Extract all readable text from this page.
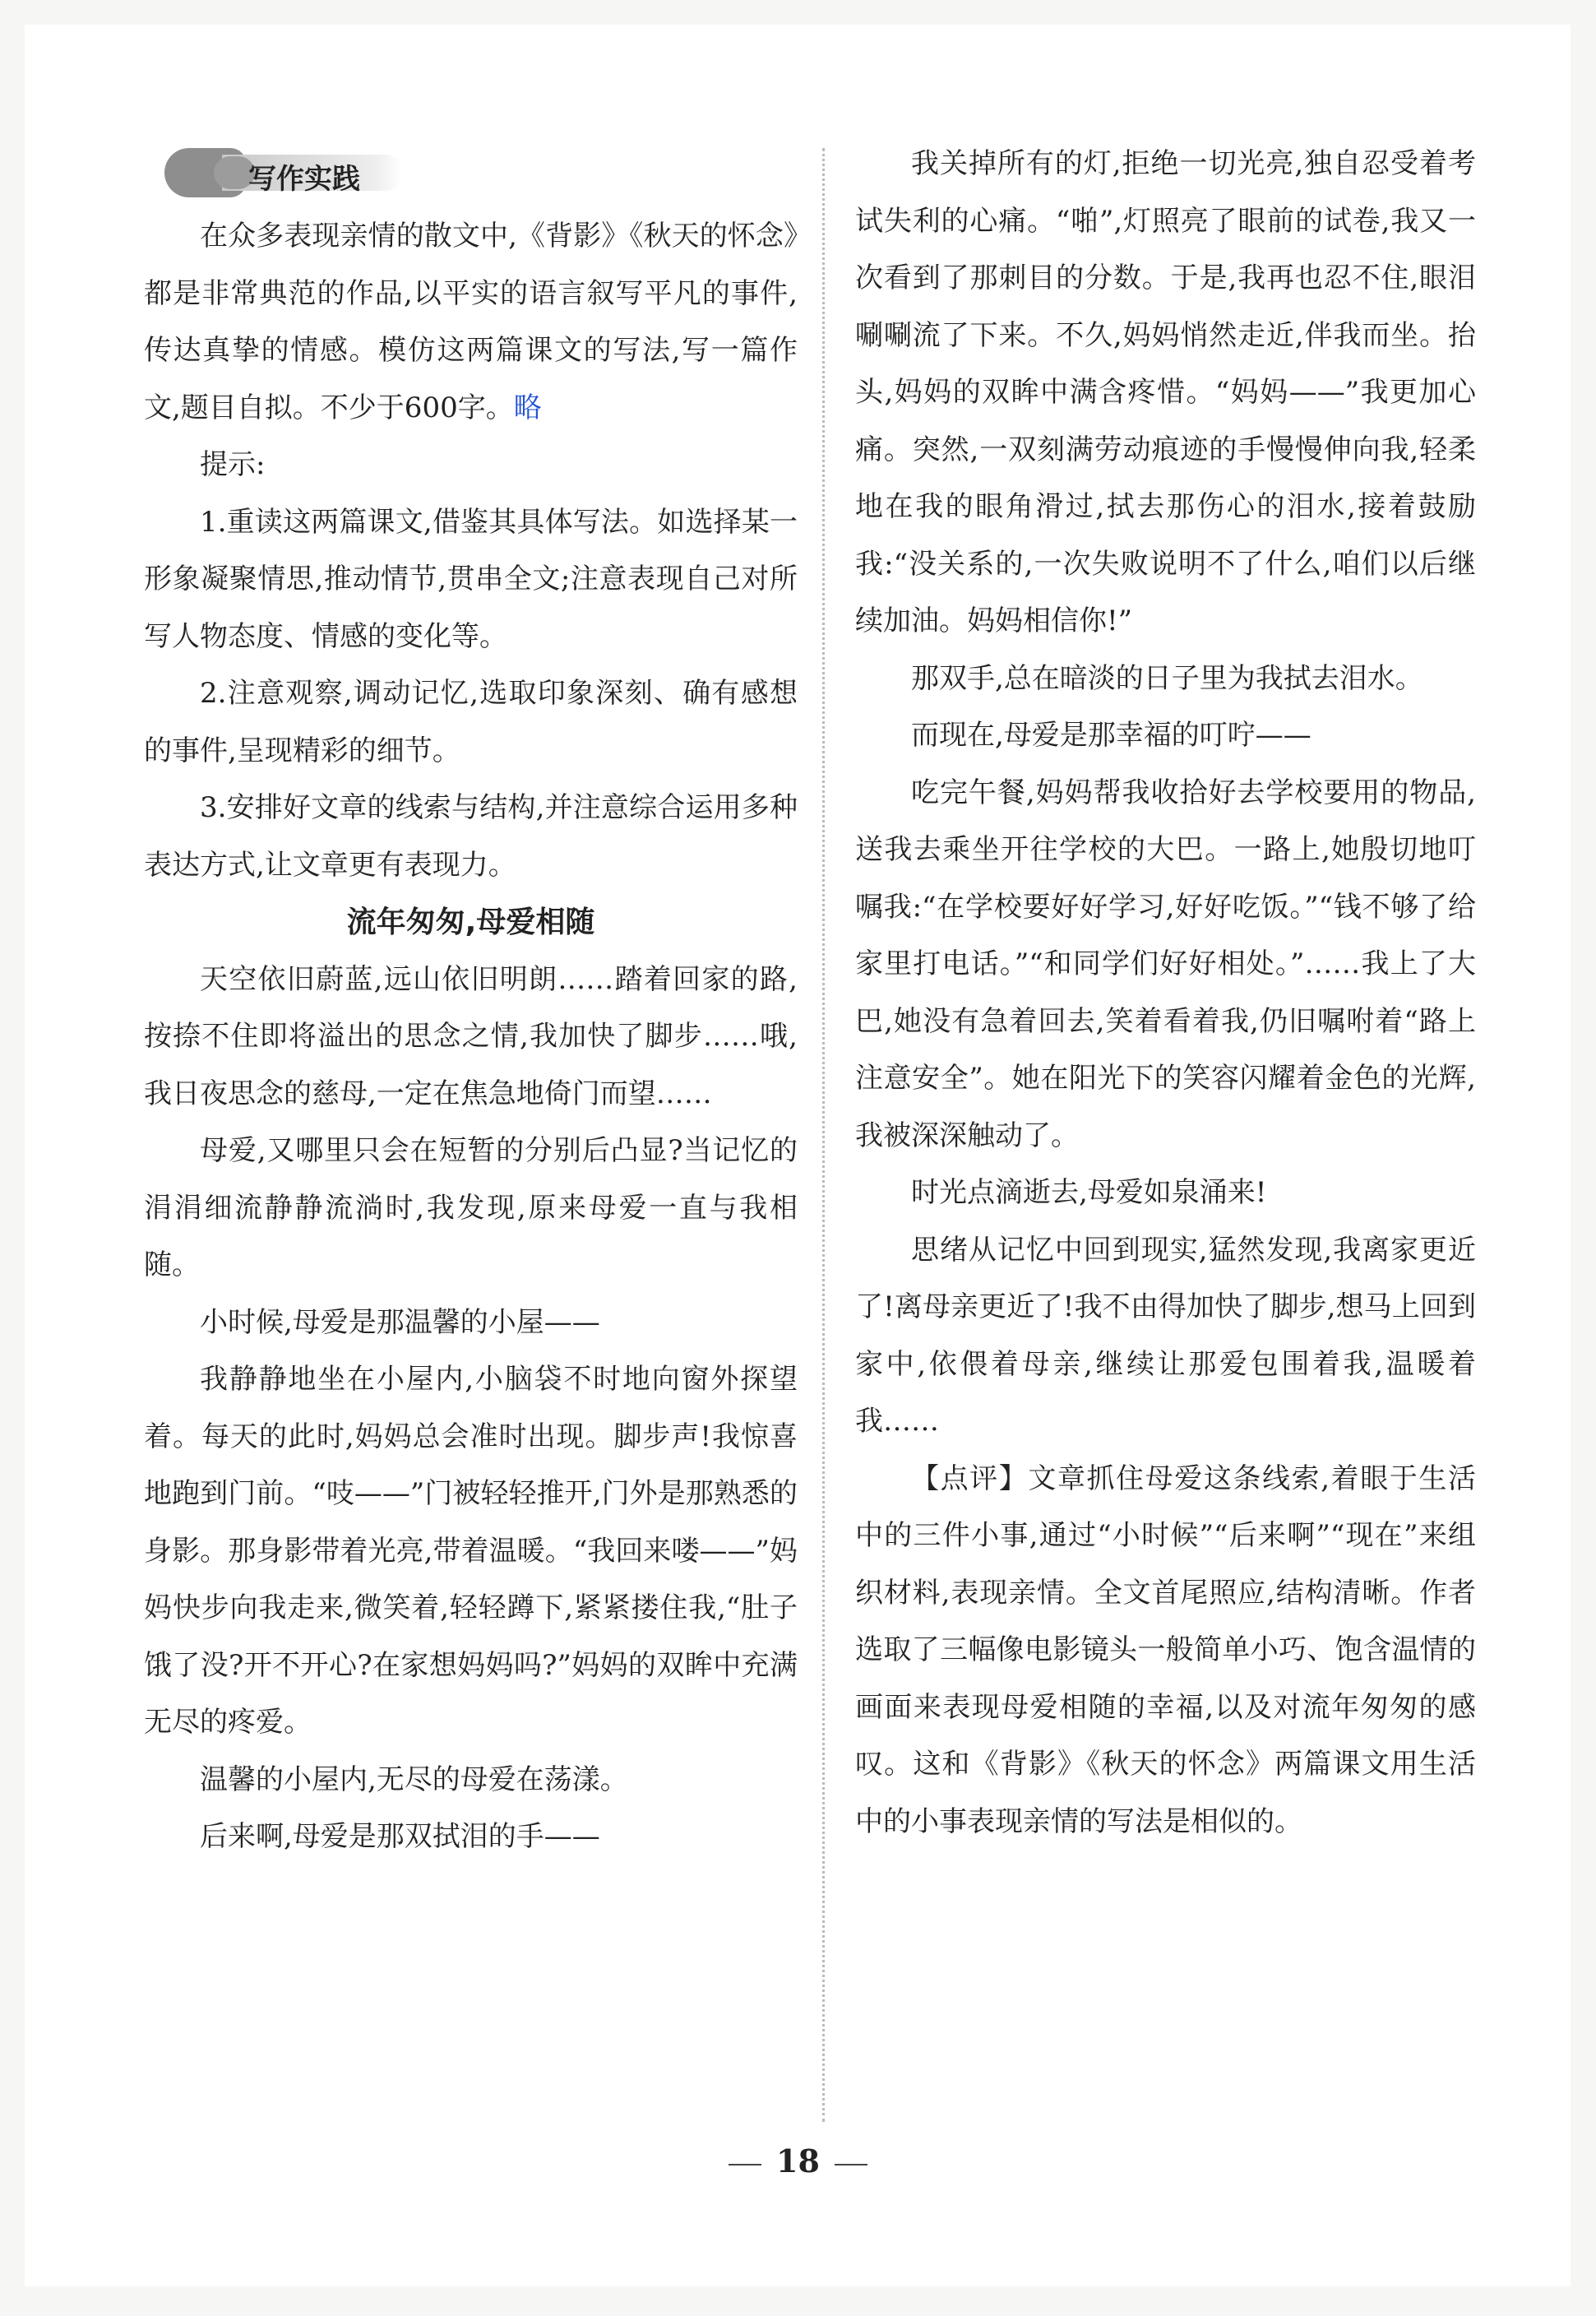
写作实践

在众多表现亲情的散文中,《背影》《秋天的怀念》都是非常典范的作品,以平实的语言叙写平凡的事件,传达真挚的情感。模仿这两篇课文的写法,写一篇作文,题目自拟。不少于600字。略

提示:

1.重读这两篇课文,借鉴其具体写法。如选择某一形象凝聚情思,推动情节,贯串全文;注意表现自己对所写人物态度、情感的变化等。

2.注意观察,调动记忆,选取印象深刻、确有感想的事件,呈现精彩的细节。

3.安排好文章的线索与结构,并注意综合运用多种表达方式,让文章更有表现力。

流年匆匆,母爱相随

天空依旧蔚蓝,远山依旧明朗……踏着回家的路,按捺不住即将溢出的思念之情,我加快了脚步……哦,我日夜思念的慈母,一定在焦急地倚门而望……

母爱,又哪里只会在短暂的分别后凸显?当记忆的涓涓细流静静流淌时,我发现,原来母爱一直与我相随。

小时候,母爱是那温馨的小屋——

我静静地坐在小屋内,小脑袋不时地向窗外探望着。每天的此时,妈妈总会准时出现。脚步声!我惊喜地跑到门前。“吱——”门被轻轻推开,门外是那熟悉的身影。那身影带着光亮,带着温暖。“我回来喽——”妈妈快步向我走来,微笑着,轻轻蹲下,紧紧搂住我,“肚子饿了没?开不开心?在家想妈妈吗?”妈妈的双眸中充满无尽的疼爱。

温馨的小屋内,无尽的母爱在荡漾。

后来啊,母爱是那双拭泪的手——

我关掉所有的灯,拒绝一切光亮,独自忍受着考试失利的心痛。“啪”,灯照亮了眼前的试卷,我又一次看到了那刺目的分数。于是,我再也忍不住,眼泪唰唰流了下来。不久,妈妈悄然走近,伴我而坐。抬头,妈妈的双眸中满含疼惜。“妈妈——”我更加心痛。突然,一双刻满劳动痕迹的手慢慢伸向我,轻柔地在我的眼角滑过,拭去那伤心的泪水,接着鼓励我:“没关系的,一次失败说明不了什么,咱们以后继续加油。妈妈相信你!”

那双手,总在暗淡的日子里为我拭去泪水。

而现在,母爱是那幸福的叮咛——

吃完午餐,妈妈帮我收拾好去学校要用的物品,送我去乘坐开往学校的大巴。一路上,她殷切地叮嘱我:“在学校要好好学习,好好吃饭。”“钱不够了给家里打电话。”“和同学们好好相处。”……我上了大巴,她没有急着回去,笑着看着我,仍旧嘱咐着“路上注意安全”。她在阳光下的笑容闪耀着金色的光辉,我被深深触动了。

时光点滴逝去,母爱如泉涌来!

思绪从记忆中回到现实,猛然发现,我离家更近了!离母亲更近了!我不由得加快了脚步,想马上回到家中,依偎着母亲,继续让那爱包围着我,温暖着我……

【点评】文章抓住母爱这条线索,着眼于生活中的三件小事,通过“小时候”“后来啊”“现在”来组织材料,表现亲情。全文首尾照应,结构清晰。作者选取了三幅像电影镜头一般简单小巧、饱含温情的画面来表现母爱相随的幸福,以及对流年匆匆的感叹。这和《背影》《秋天的怀念》两篇课文用生活中的小事表现亲情的写法是相似的。

18
